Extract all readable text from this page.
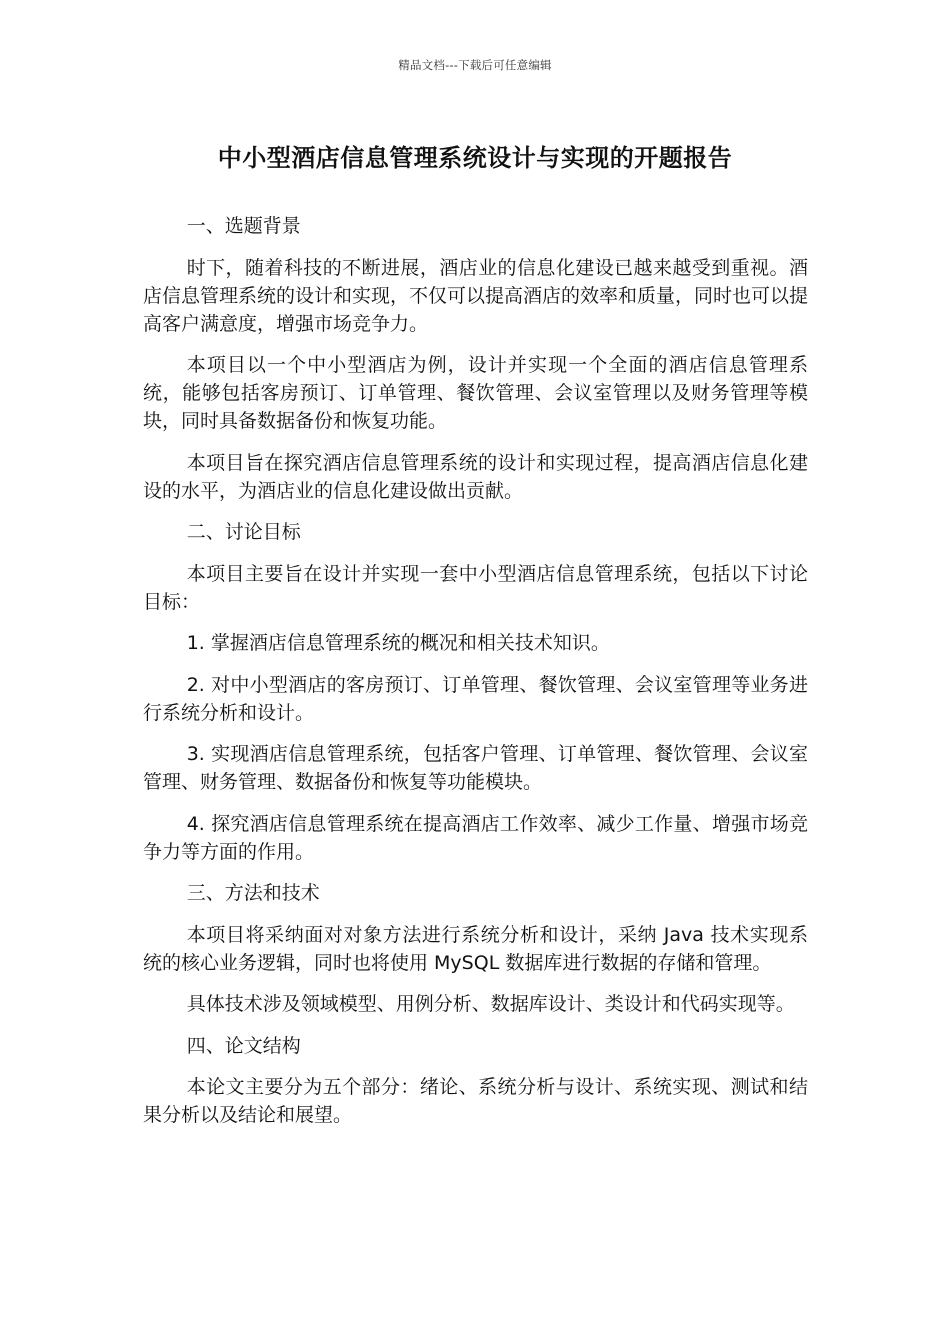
精品文档---下载后可任意编辑
中小型酒店信息管理系统设计与实现的开题报告

一、选题背景

时下，随着科技的不断进展，酒店业的信息化建设已越来越受到重视。酒店信息管理系统的设计和实现，不仅可以提高酒店的效率和质量，同时也可以提高客户满意度，增强市场竞争力。

本项目以一个中小型酒店为例，设计并实现一个全面的酒店信息管理系统，能够包括客房预订、订单管理、餐饮管理、会议室管理以及财务管理等模块，同时具备数据备份和恢复功能。

本项目旨在探究酒店信息管理系统的设计和实现过程，提高酒店信息化建设的水平，为酒店业的信息化建设做出贡献。

二、讨论目标

本项目主要旨在设计并实现一套中小型酒店信息管理系统，包括以下讨论目标：

1. 掌握酒店信息管理系统的概况和相关技术知识。

2. 对中小型酒店的客房预订、订单管理、餐饮管理、会议室管理等业务进行系统分析和设计。

3. 实现酒店信息管理系统，包括客户管理、订单管理、餐饮管理、会议室管理、财务管理、数据备份和恢复等功能模块。

4. 探究酒店信息管理系统在提高酒店工作效率、减少工作量、增强市场竞争力等方面的作用。

三、方法和技术

本项目将采纳面对对象方法进行系统分析和设计，采纳 Java 技术实现系统的核心业务逻辑，同时也将使用 MySQL 数据库进行数据的存储和管理。

具体技术涉及领域模型、用例分析、数据库设计、类设计和代码实现等。

四、论文结构

本论文主要分为五个部分：绪论、系统分析与设计、系统实现、测试和结果分析以及结论和展望。
